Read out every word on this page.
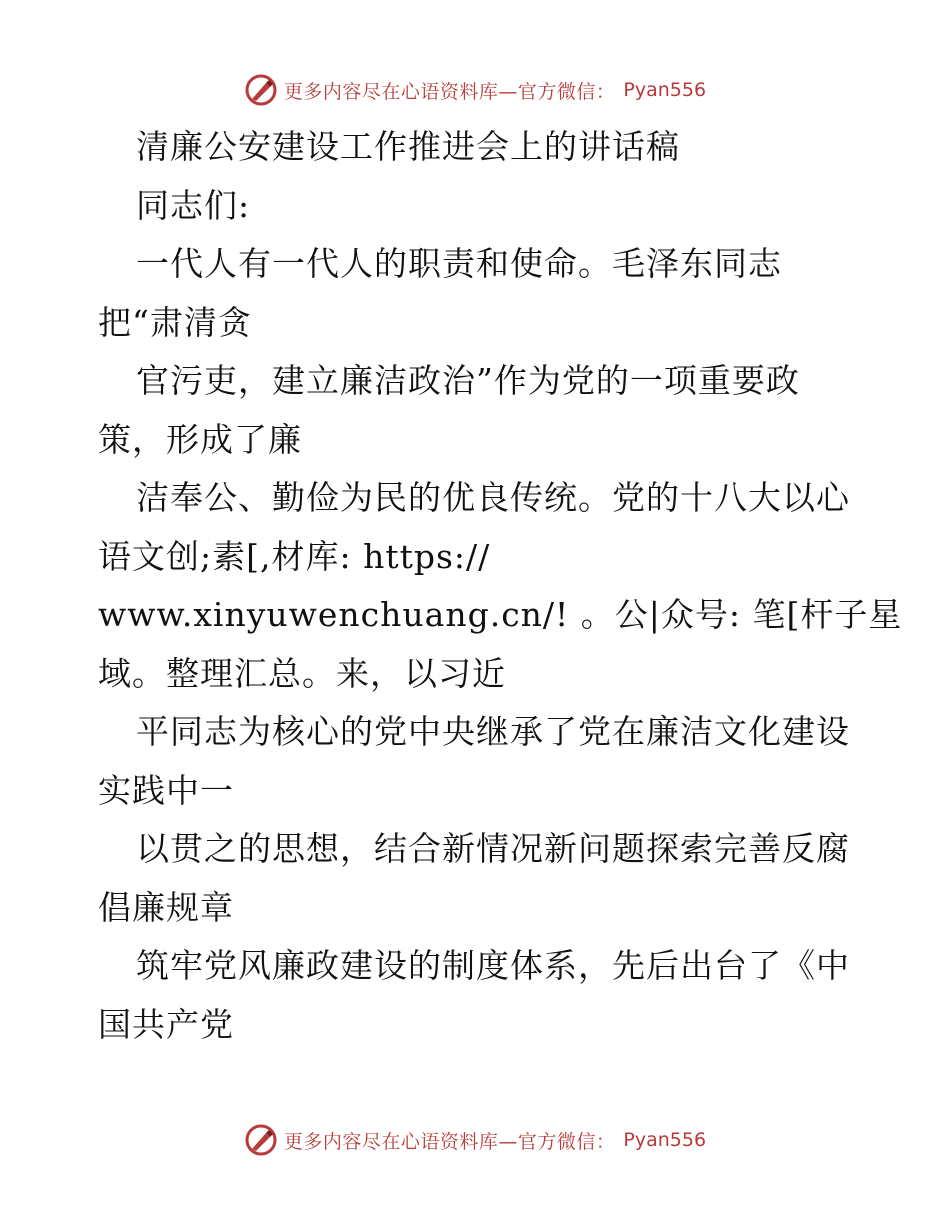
更多内容尽在心语资料库—官方微信： Pyan556
清廉公安建设工作推进会上的讲话稿
同志们:
一代人有一代人的职责和使命。毛泽东同志
把“肃清贪
官污吏，建立廉洁政治”作为党的一项重要政
策，形成了廉
洁奉公、勤俭为民的优良传统。党的十八大以心
语文创;素[,材库: https://
www.xinyuwenchuang.cn/! 。公|众号: 笔[杆子星
域。整理汇总。来，以习近
平同志为核心的党中央继承了党在廉洁文化建设
实践中一
以贯之的思想，结合新情况新问题探索完善反腐
倡廉规章
筑牢党风廉政建设的制度体系，先后出台了《中
国共产党
更多内容尽在心语资料库—官方微信： Pyan556
